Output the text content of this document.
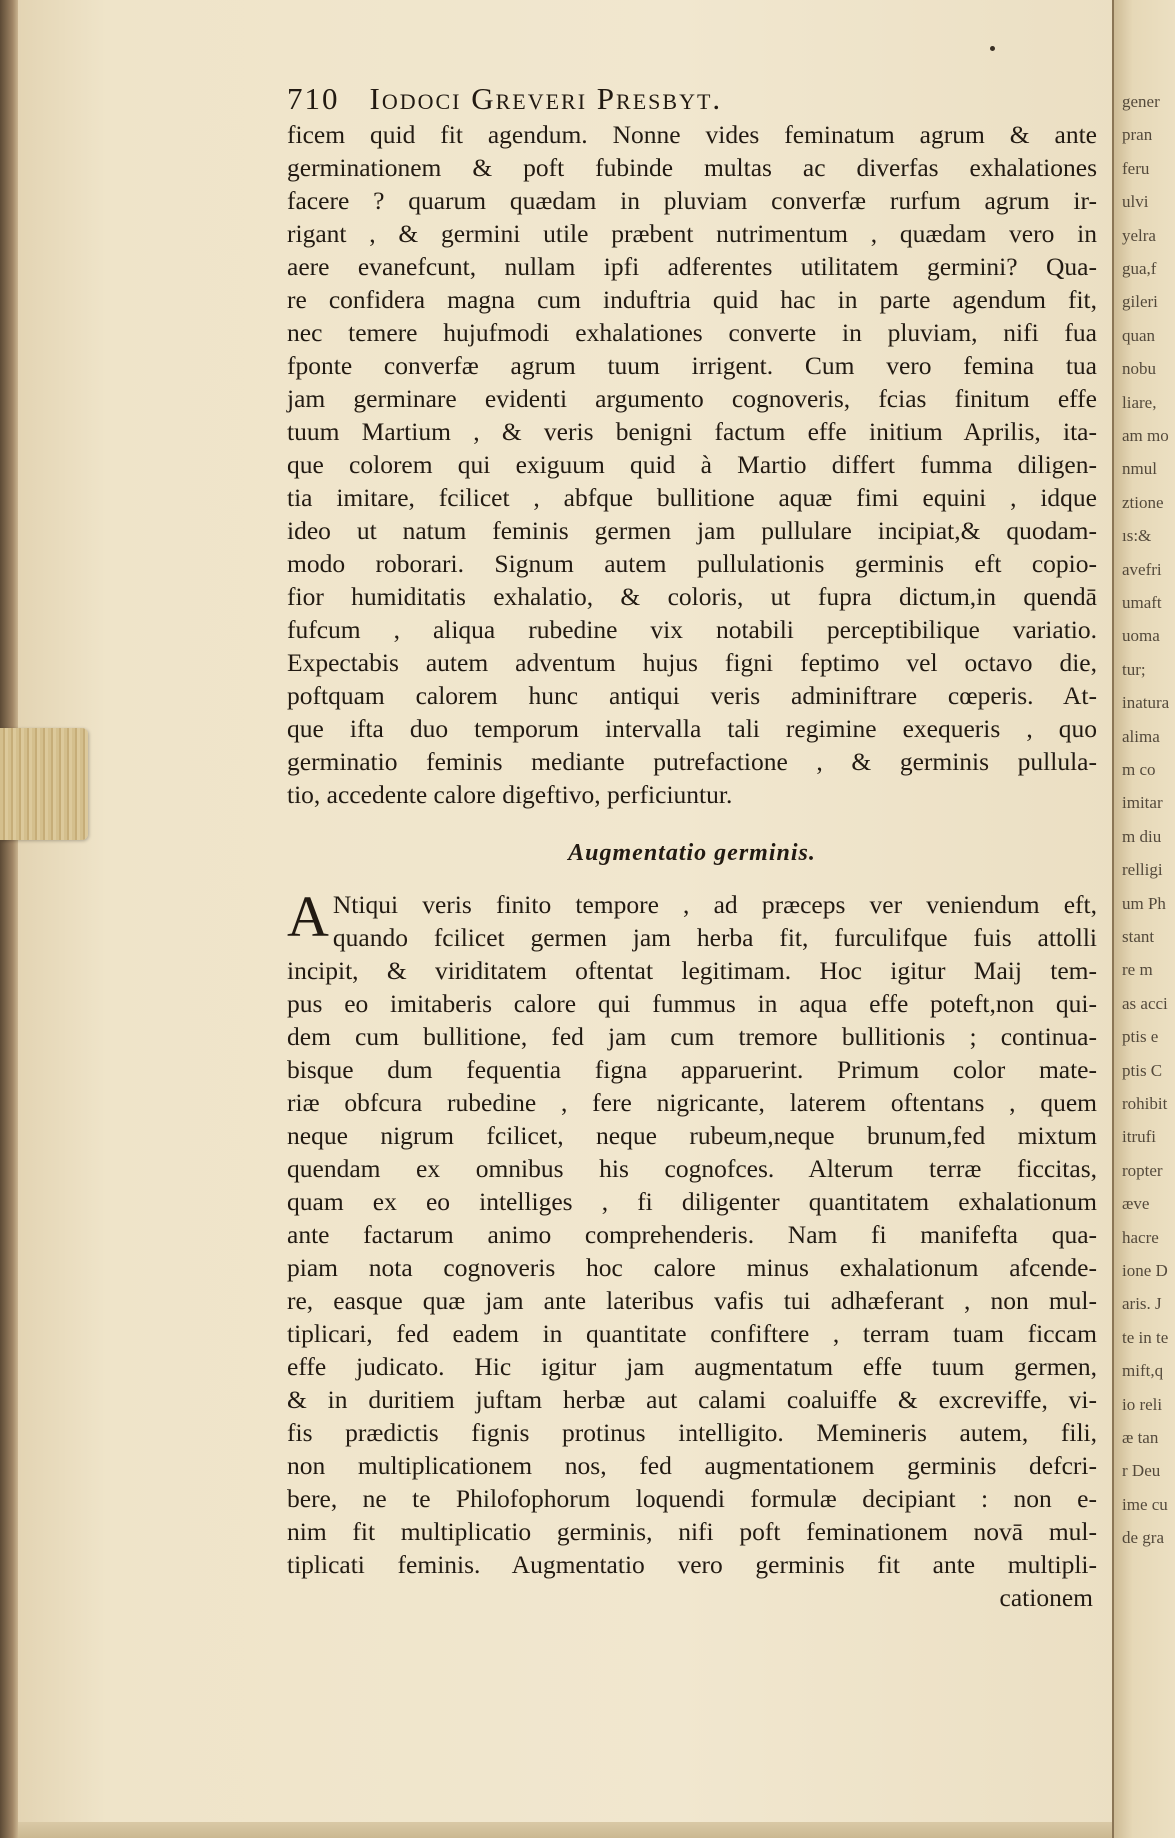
gener
pran
feru
ulvi
yelra
gua,f
gileri
quan
nobu
liare,
am mo
nmul
ztione
ıs:&
avefri
umaft
uoma
tur;
inatura
alima
m co
imitar
m diu
relligi
um Ph
stant
re m
as acci
ptis e
ptis C
rohibit
itrufi
ropter
æve
hacre
ione D
aris. J
te in te
mift,q
io reli
æ tan
r Deu
ime cu
de gra
710 Iodoci Greveri Presbyt.
ficem quid fit agendum. Nonne vides feminatum agrum & ante
germinationem & poft fubinde multas ac diverfas exhalationes
facere ? quarum quædam in pluviam converfæ rurfum agrum ir-
rigant , & germini utile præbent nutrimentum , quædam vero in
aere evanefcunt, nullam ipfi adferentes utilitatem germini? Qua-
re confidera magna cum induftria quid hac in parte agendum fit,
nec temere hujufmodi exhalationes converte in pluviam, nifi fua
fponte converfæ agrum tuum irrigent. Cum vero femina tua
jam germinare evidenti argumento cognoveris, fcias finitum effe
tuum Martium , & veris benigni factum effe initium Aprilis, ita-
que colorem qui exiguum quid à Martio differt fumma diligen-
tia imitare, fcilicet , abfque bullitione aquæ fimi equini , idque
ideo ut natum feminis germen jam pullulare incipiat,& quodam-
modo roborari. Signum autem pullulationis germinis eft copio-
fior humiditatis exhalatio, & coloris, ut fupra dictum,in quendā
fufcum , aliqua rubedine vix notabili perceptibilique variatio.
Expectabis autem adventum hujus figni feptimo vel octavo die,
poftquam calorem hunc antiqui veris adminiftrare cœperis. At-
que ifta duo temporum intervalla tali regimine exequeris , quo
germinatio feminis mediante putrefactione , & germinis pullula-
tio, accedente calore digeftivo, perficiuntur.
Augmentatio germinis.
A Ntiqui veris finito tempore , ad præceps ver veniendum eft,
quando fcilicet germen jam herba fit, furculifque fuis attolli
incipit, & viriditatem oftentat legitimam. Hoc igitur Maij tem-
pus eo imitaberis calore qui fummus in aqua effe poteft,non qui-
dem cum bullitione, fed jam cum tremore bullitionis ; continua-
bisque dum fequentia figna apparuerint. Primum color mate-
riæ obfcura rubedine , fere nigricante, laterem oftentans , quem
neque nigrum fcilicet, neque rubeum,neque brunum,fed mixtum
quendam ex omnibus his cognofces. Alterum terræ ficcitas,
quam ex eo intelliges , fi diligenter quantitatem exhalationum
ante factarum animo comprehenderis. Nam fi manifefta qua-
piam nota cognoveris hoc calore minus exhalationum afcende-
re, easque quæ jam ante lateribus vafis tui adhæferant , non mul-
tiplicari, fed eadem in quantitate confiftere , terram tuam ficcam
effe judicato. Hic igitur jam augmentatum effe tuum germen,
& in duritiem juftam herbæ aut calami coaluiffe & excreviffe, vi-
fis prædictis fignis protinus intelligito. Memineris autem, fili,
non multiplicationem nos, fed augmentationem germinis defcri-
bere, ne te Philofophorum loquendi formulæ decipiant : non e-
nim fit multiplicatio germinis, nifi poft feminationem novā mul-
tiplicati feminis. Augmentatio vero germinis fit ante multipli-
cationem
